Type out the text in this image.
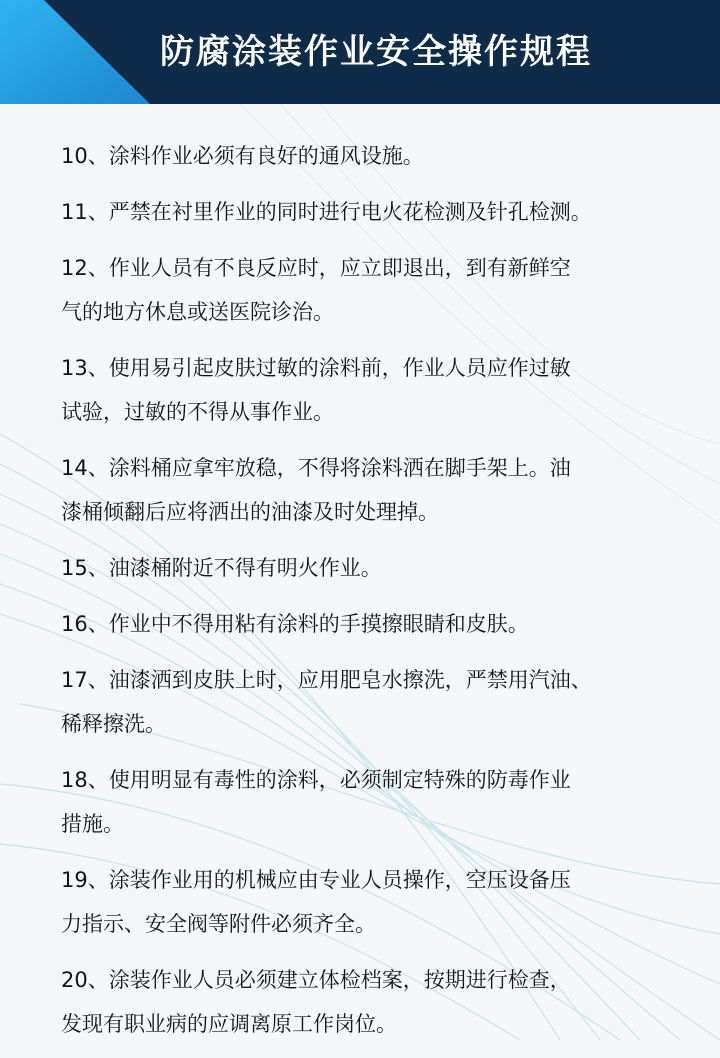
防腐涂装作业安全操作规程
10、涂料作业必须有良好的通风设施。
11、严禁在衬里作业的同时进行电火花检测及针孔检测。
12、作业人员有不良反应时，应立即退出，到有新鲜空
气的地方休息或送医院诊治。
13、使用易引起皮肤过敏的涂料前，作业人员应作过敏
试验，过敏的不得从事作业。
14、涂料桶应拿牢放稳，不得将涂料洒在脚手架上。油
漆桶倾翻后应将洒出的油漆及时处理掉。
15、油漆桶附近不得有明火作业。
16、作业中不得用粘有涂料的手摸擦眼睛和皮肤。
17、油漆洒到皮肤上时，应用肥皂水擦洗，严禁用汽油、
稀释擦洗。
18、使用明显有毒性的涂料，必须制定特殊的防毒作业
措施。
19、涂装作业用的机械应由专业人员操作，空压设备压
力指示、安全阀等附件必须齐全。
20、涂装作业人员必须建立体检档案，按期进行检查，
发现有职业病的应调离原工作岗位。
